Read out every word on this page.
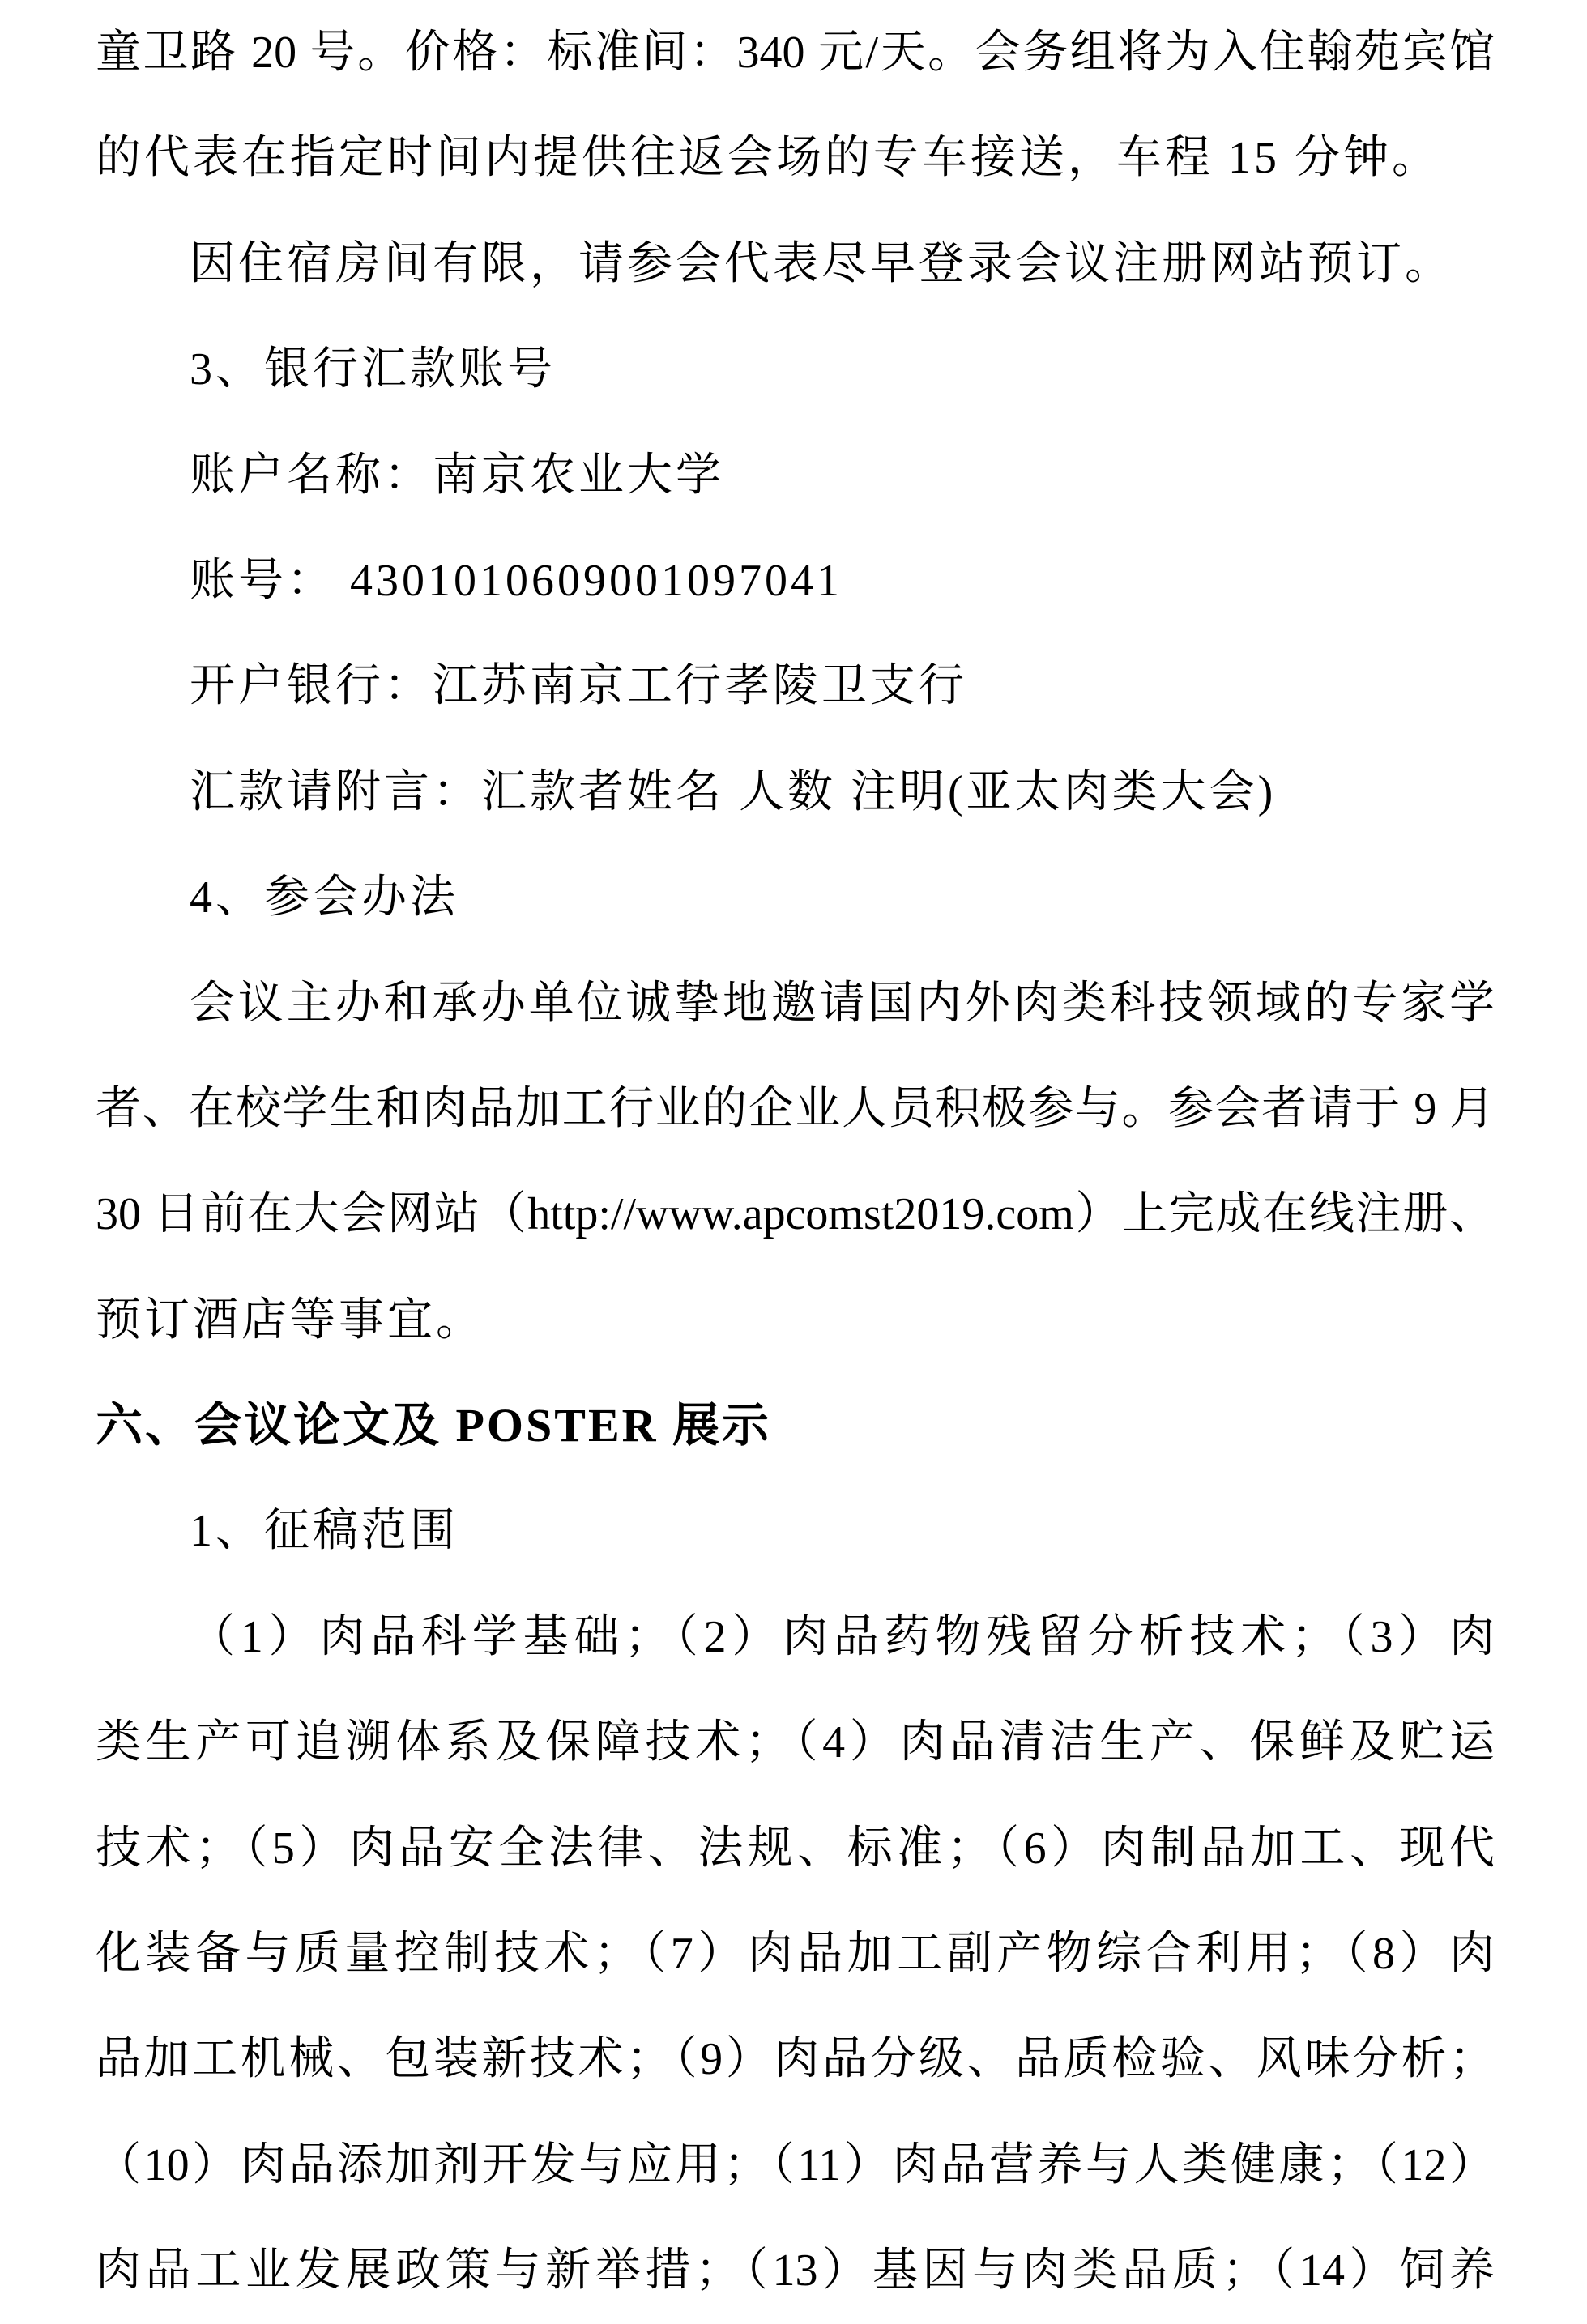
童卫路 20 号。价格：标准间：340 元/天。会务组将为入住翰苑宾馆
的代表在指定时间内提供往返会场的专车接送，车程 15 分钟。
因住宿房间有限，请参会代表尽早登录会议注册网站预订。
3、银行汇款账号
账户名称：南京农业大学
账号： 4301010609001097041
开户银行：江苏南京工行孝陵卫支行
汇款请附言：汇款者姓名 人数 注明(亚太肉类大会)
4、参会办法
会议主办和承办单位诚挚地邀请国内外肉类科技领域的专家学
者、在校学生和肉品加工行业的企业人员积极参与。参会者请于 9 月
30 日前在大会网站（http://www.apcomst2019.com）上完成在线注册、
预订酒店等事宜。
六、会议论文及 POSTER 展示
1、征稿范围
（1）肉品科学基础；（2）肉品药物残留分析技术；（3）肉
类生产可追溯体系及保障技术；（4）肉品清洁生产、保鲜及贮运
技术；（5）肉品安全法律、法规、标准；（6）肉制品加工、现代
化装备与质量控制技术；（7）肉品加工副产物综合利用；（8）肉
品加工机械、包装新技术；（9）肉品分级、品质检验、风味分析；
（10）肉品添加剂开发与应用；（11）肉品营养与人类健康；（12）
肉品工业发展政策与新举措；（13）基因与肉类品质；（14）饲养
